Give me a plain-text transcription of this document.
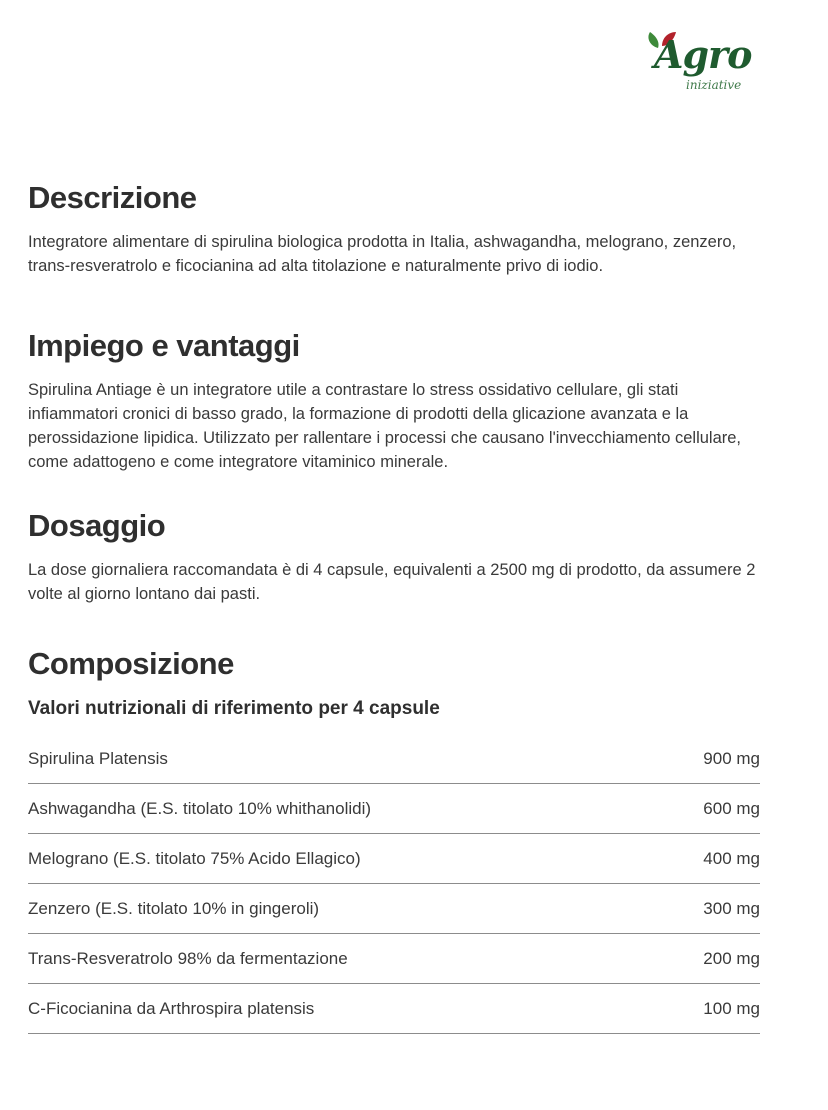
Agro
iniziative
Descrizione

Integratore alimentare di spirulina biologica prodotta in Italia, ashwagandha, melograno, zenzero, trans-resveratrolo e ficocianina ad alta titolazione e naturalmente privo di iodio.

Impiego e vantaggi

Spirulina Antiage è un integratore utile a contrastare lo stress ossidativo cellulare, gli stati infiammatori cronici di basso grado, la formazione di prodotti della glicazione avanzata e la perossidazione lipidica. Utilizzato per rallentare i processi che causano l'invecchiamento cellulare, come adattogeno e come integratore vitaminico minerale.

Dosaggio

La dose giornaliera raccomandata è di 4 capsule, equivalenti a 2500 mg di prodotto, da assumere 2 volte al giorno lontano dai pasti.

Composizione
Valori nutrizionali di riferimento per 4 capsule
Spirulina Platensis	900 mg
Ashwagandha (E.S. titolato 10% whithanolidi)	600 mg
Melograno (E.S. titolato 75% Acido Ellagico)	400 mg
Zenzero (E.S. titolato 10% in gingeroli)	300 mg
Trans-Resveratrolo 98% da fermentazione	200 mg
C-Ficocianina da Arthrospira platensis	100 mg
